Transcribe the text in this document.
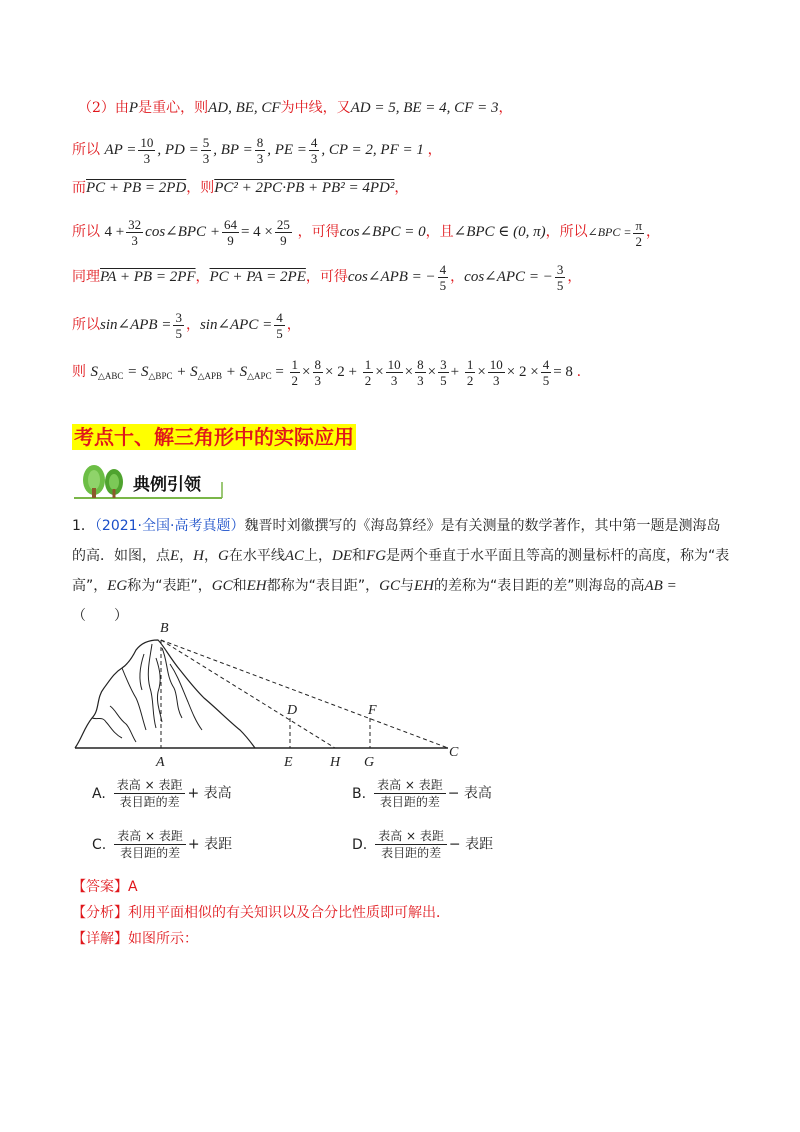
（2）由P是重心，则AD, BE, CF为中线，又AD = 5, BE = 4, CF = 3，
所以 AP = $\frac{10}{3}$ , PD = $\frac{5}{3}$ , BP = $\frac{8}{3}$ , PE = $\frac{4}{3}$ , CP = 2, PF = 1 ，
而PC + PB = 2PD，则PC² + 2PC·PB + PB² = 4PD²，
所以 $4 + \frac{32}{3}$ cos∠BPC + $\frac{64}{9} = 4 \times \frac{25}{9}$ ，可得cos∠BPC = 0，且∠BPC ∈ (0, π)，所以∠BPC = $\frac{\pi}{2}$ ，
同理PA + PB = 2PF，PC + PA = 2PE，可得cos∠APB = − $\frac{4}{5}$ ，cos∠APC = − $\frac{3}{5}$ ，
所以sin∠APB = $\frac{3}{5}$ ，sin∠APC = $\frac{4}{5}$ ，
则 $S_{\triangle ABC} = S_{\triangle BPC} + S_{\triangle APB} + S_{\triangle APC} = \frac{1}{2} \times \frac{8}{3} \times 2 + \frac{1}{2} \times \frac{10}{3} \times \frac{8}{3} \times \frac{3}{5} + \frac{1}{2} \times \frac{10}{3} \times 2 \times \frac{4}{5} = 8$ .
考点十、解三角形中的实际应用
典例引领
1．（2021·全国·高考真题）魏晋时刘徽撰写的《海岛算经》是有关测量的数学著作，其中第一题是测海岛的高．如图，点E，H，G在水平线AC上，DE和FG是两个垂直于水平面且等高的测量标杆的高度，称为“表高”，EG称为“表距”，GC和EH都称为“表目距”，GC与EH的差称为“表目距的差”则海岛的高AB =（　　）
B
D	F
A	E	H G
C
A. $\frac{\text{表高 × 表距}}{\text{表目距的差}}$ + 表高	B. $\frac{\text{表高 × 表距}}{\text{表目距的差}}$ − 表高
C. $\frac{\text{表高 × 表距}}{\text{表目距的差}}$ + 表距	D. $\frac{\text{表高 × 表距}}{\text{表目距的差}}$ − 表距
【答案】A
【分析】利用平面相似的有关知识以及合分比性质即可解出．
【详解】如图所示：
